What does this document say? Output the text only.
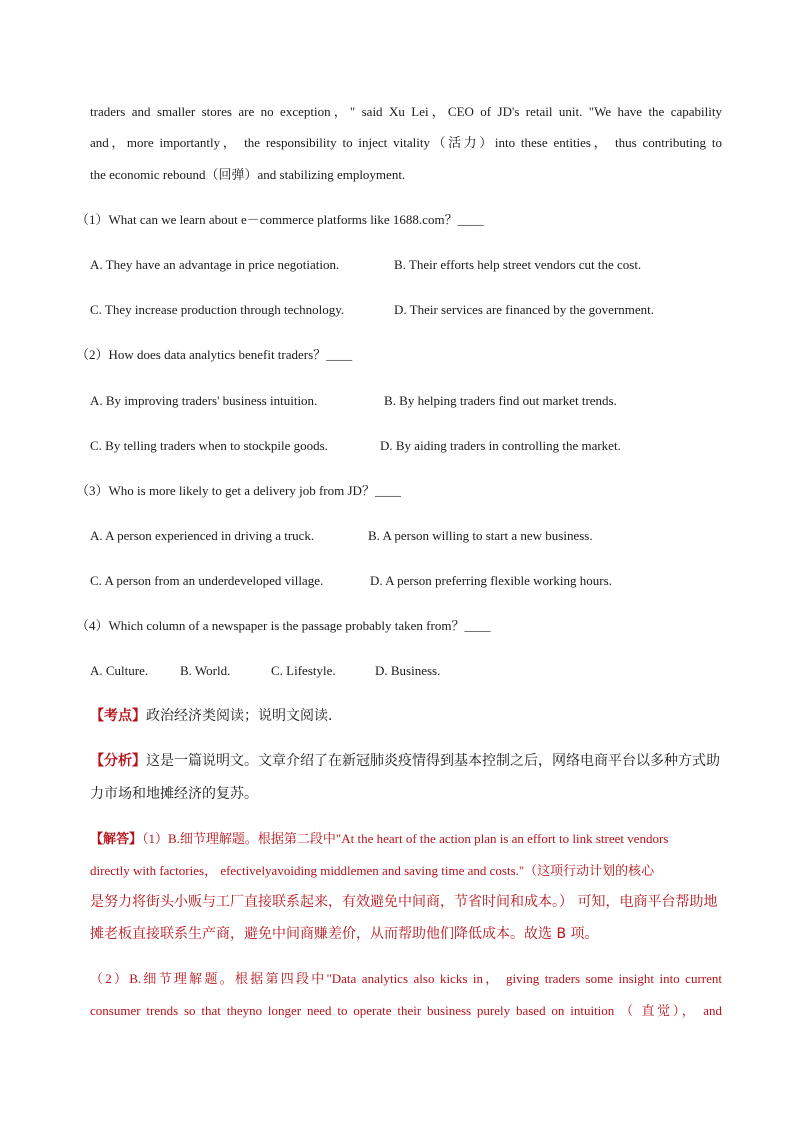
traders and smaller stores are no exception，" said Xu Lei，CEO of JD's retail unit. "We have the capability
and，more importantly， the responsibility to inject vitality（活力）into these entities， thus contributing to
the economic rebound（回弹）and stabilizing employment.
（1）What can we learn about e－commerce platforms like 1688.com？____
A. They have an advantage in price negotiation.	B. Their efforts help street vendors cut the cost.
C. They increase production through technology.	D. Their services are financed by the government.
（2）How does data analytics benefit traders？____
A. By improving traders' business intuition.	B. By helping traders find out market trends.
C. By telling traders when to stockpile goods.	D. By aiding traders in controlling the market.
（3）Who is more likely to get a delivery job from JD？____
A. A person experienced in driving a truck.	B. A person willing to start a new business.
C. A person from an underdeveloped village.	D. A person preferring flexible working hours.
（4）Which column of a newspaper is the passage probably taken from？____
A. Culture.	B. World.	C. Lifestyle.	D. Business.
【考点】政治经济类阅读；说明文阅读．
【分析】这是一篇说明文。文章介绍了在新冠肺炎疫情得到基本控制之后，网络电商平台以多种方式助
力市场和地摊经济的复苏。
【解答】（1）B.细节理解题。根据第二段中"At the heart of the action plan is an effort to link street vendors
directly with factories， efectivelyavoiding middlemen and saving time and costs."（这项行动计划的核心
是努力将街头小贩与工厂直接联系起来，有效避免中间商，节省时间和成本。） 可知，电商平台帮助地
摊老板直接联系生产商，避免中间商赚差价，从而帮助他们降低成本。故选 B 项。
（2）B.细节理解题。根据第四段中"Data analytics also kicks in， giving traders some insight into current
consumer trends so that theyno longer need to operate their business purely based on intuition （ 直觉）， and
